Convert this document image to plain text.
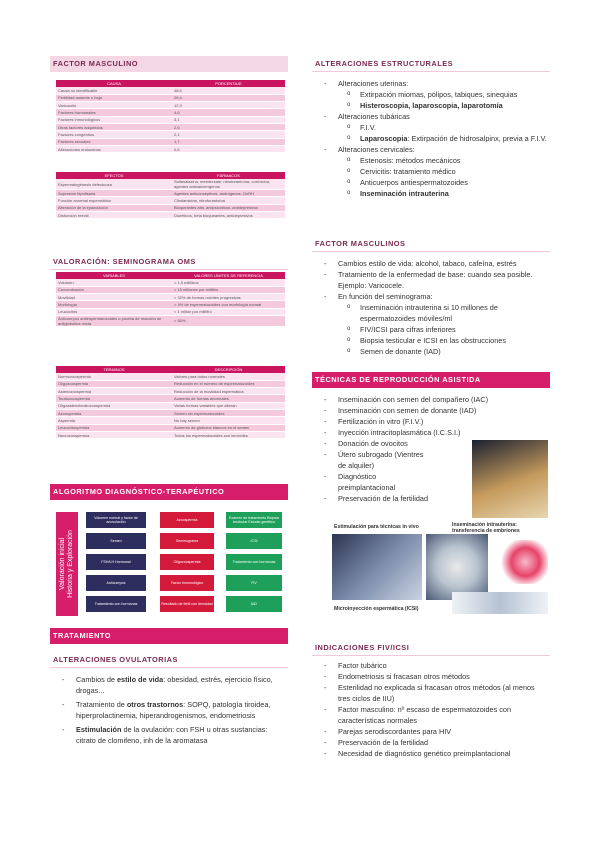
FACTOR MASCULINO
CAUSA	PORCENTAJE
Causa no identificable	48,5
Fertilidad ausente o baja	26,4
Varicocele	12,3
Factores hormonales	4,6
Factores inmunológicos	3,1
Otras factores adquiridos	2,6
Factores congénitos	2,1
Factores sexuales	1,7
Alteraciones endocrinas	0,6
EFECTOS	FÁRMACOS
Espermatogénesis defectuosa	Sulfasalazina, metotrexate, nitrofurantoína, colchicina, agentes anticancerígenos
Supresión hipofisaria	Agentes anticonceptivos, andrógenos, GnRH
Función anormal espermática	Clindamicina, nitrofurantoína
Alteración de la eyaculación	Bloqueantes alfa, antipsicóticos, antidepresivos
Disfunción eréctil	Diuréticos, beta bloqueantes, antidepresivos
VALORACIÓN: SEMINOGRAMA OMS
VARIABLES	VALORES LÍMITES DE REFERENCIA
Volumen	> 1,5 mililitros
Concentración	> 15 millones por mililitro
Movilidad	> 32% de formas móviles progresivas
Morfología	> 4% de espermatozoides con morfología normal
Leucocitos	< 1 millón por mililitro
Anticuerpos antiespermatozoides o prueba de reacción de antiglobulina mixta	< 50%
TÉRMINOS	DESCRIPCIÓN
Normozoospermia	Valores para todos normales
Oligozoospermia	Reducción en el número de espermatozoides
Astenozoospermia	Reducción de la movilidad espermática
Teratozoospermia	Aumento de formas anormales
Oligoastenoteratozoospermia	Varias formas variables que alteran
Azoospermia	Semen sin espermatozoides
Aspermia	No hay semen
Leucocitospermia	Aumento de glóbulos blancos en el semen
Necrozoospermia	Todos los espermatozoides son inmóviles
ALGORITMO DIAGNÓSTICO-TERAPÉUTICO
Valoración inicial Historia y Exploración
Volumen normal y factor de anovulación
Semen
FSH/LH Hormonal
Anticuerpos
Tratamiento con hormonas
Azoospermia
Seminograma
Oligozoospermia
Factor Inmunológico
Resultado de fértil con densidad
Examen de tratamiento Biopsia testicular Estudio genético
ICSI
Tratamiento con hormonas
FIV
IAD
TRATAMIENTO
ALTERACIONES OVULATORIAS
- Cambios de estilo de vida: obesidad, estrés, ejercicio físico, drogas...
- Tratamiento de otros trastornos: SOPQ, patología tiroidea, hiperprolactinemia, hiperandrogenismos, endometriosis
- Estimulación de la ovulación: con FSH u otras sustancias: citrato de clomifeno, inh de la aromatasa
ALTERACIONES ESTRUCTURALES
- Alteraciones uterinas:
o Extirpación miomas, pólipos, tabiques, sinequias
o Histeroscopia, laparoscopia, laparotomía
- Alteraciones tubáricas
o F.I.V.
o Laparoscopia: Extirpación de hidrosalpinx, previa a F.I.V.
- Alteraciones cervicales:
o Estenosis: métodos mecánicos
o Cervicitis: tratamiento médico
o Anticuerpos antiespermatozoides
o Inseminación intrauterina
FACTOR MASCULINOS
- Cambios estilo de vida: alcohol, tabaco, cafeína, estrés
- Tratamiento de la enfermedad de base: cuando sea posible. Ejemplo: Varicocele.
- En función del seminograma:
o Inseminación intrauterina si 10 millones de espermatozoides móviles/ml
o FIV/ICSI para cifras inferiores
o Biopsia testicular e ICSI en las obstrucciones
o Semen de donante (IAD)
TÉCNICAS DE REPRODUCCIÓN ASISTIDA
- Inseminación con semen del compañero (IAC)
- Inseminación con semen de donante (IAD)
- Fertilización in vitro (F.I.V.)
- Inyección intracitoplasmática (I.C.S.I.)
- Donación de ovocitos
- Útero subrogado (Vientres de alquiler)
- Diagnóstico preimplantacional
- Preservación de la fertilidad
Estimulación para técnicas in vivo	Inseminación intrauterina: transferencia de embriones
Microinyección espermática (ICSI)
INDICACIONES FIV/ICSI
- Factor tubárico
- Endometriosis si fracasan otros métodos
- Esterilidad no explicada si fracasan otros métodos (al menos tres ciclos de IIU)
- Factor masculino: nº escaso de espermatozoides con características normales
- Parejas serodiscordantes para HIV
- Preservación de la fertilidad
- Necesidad de diagnóstico genético preimplantacional
